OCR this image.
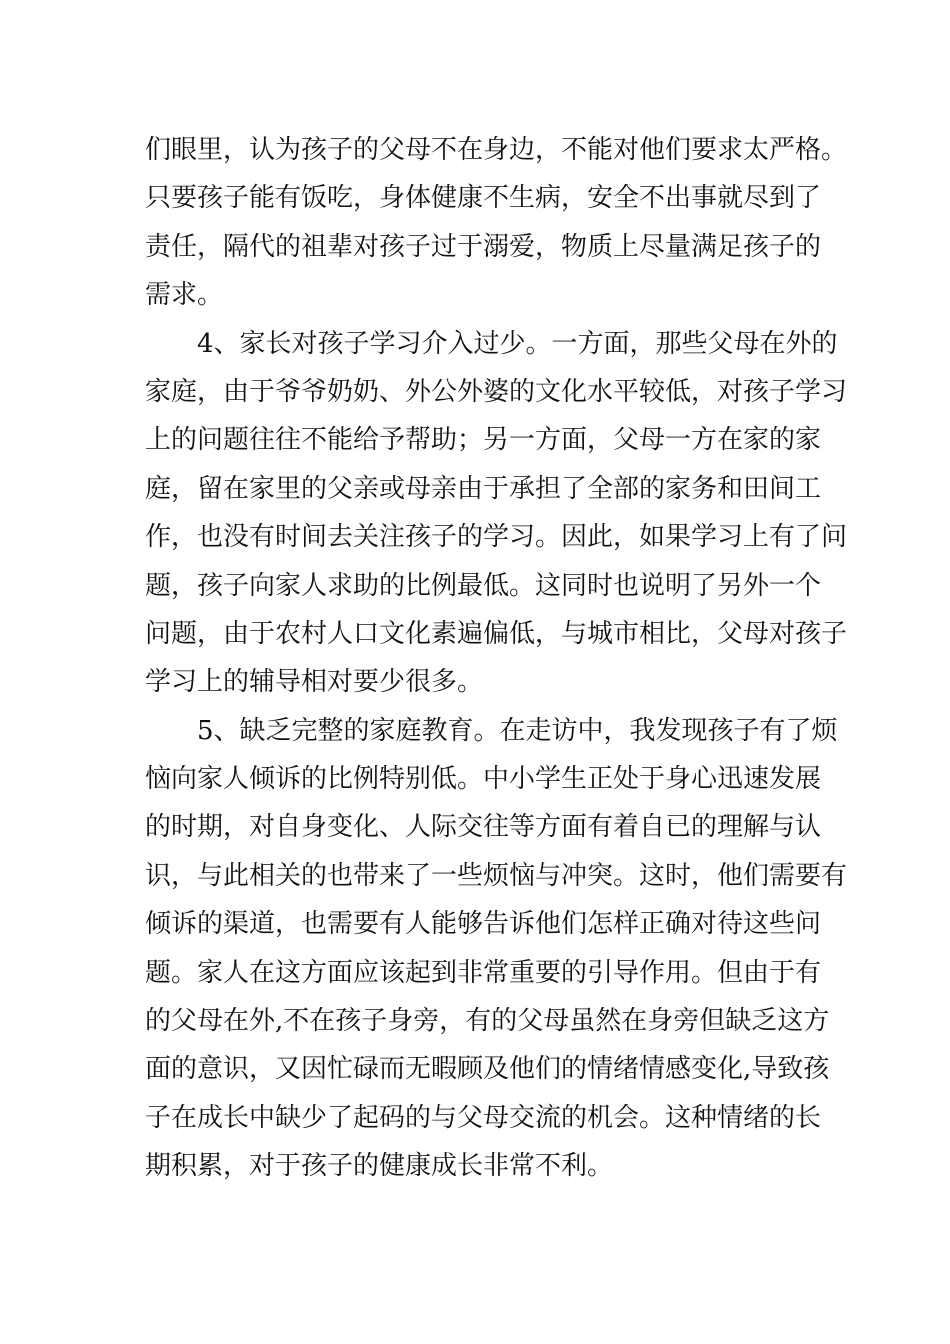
们眼里，认为孩子的父母不在身边，不能对他们要求太严格。
只要孩子能有饭吃，身体健康不生病，安全不出事就尽到了
责任，隔代的祖辈对孩子过于溺爱，物质上尽量满足孩子的
需求。
4、家长对孩子学习介入过少。一方面，那些父母在外的
家庭，由于爷爷奶奶、外公外婆的文化水平较低，对孩子学习
上的问题往往不能给予帮助；另一方面，父母一方在家的家
庭，留在家里的父亲或母亲由于承担了全部的家务和田间工
作，也没有时间去关注孩子的学习。因此，如果学习上有了问
题，孩子向家人求助的比例最低。这同时也说明了另外一个
问题，由于农村人口文化素遍偏低，与城市相比，父母对孩子
学习上的辅导相对要少很多。
5、缺乏完整的家庭教育。在走访中，我发现孩子有了烦
恼向家人倾诉的比例特别低。中小学生正处于身心迅速发展
的时期，对自身变化、人际交往等方面有着自已的理解与认
识，与此相关的也带来了一些烦恼与冲突。这时，他们需要有
倾诉的渠道，也需要有人能够告诉他们怎样正确对待这些问
题。家人在这方面应该起到非常重要的引导作用。但由于有
的父母在外,不在孩子身旁，有的父母虽然在身旁但缺乏这方
面的意识，又因忙碌而无暇顾及他们的情绪情感变化,导致孩
子在成长中缺少了起码的与父母交流的机会。这种情绪的长
期积累，对于孩子的健康成长非常不利。
